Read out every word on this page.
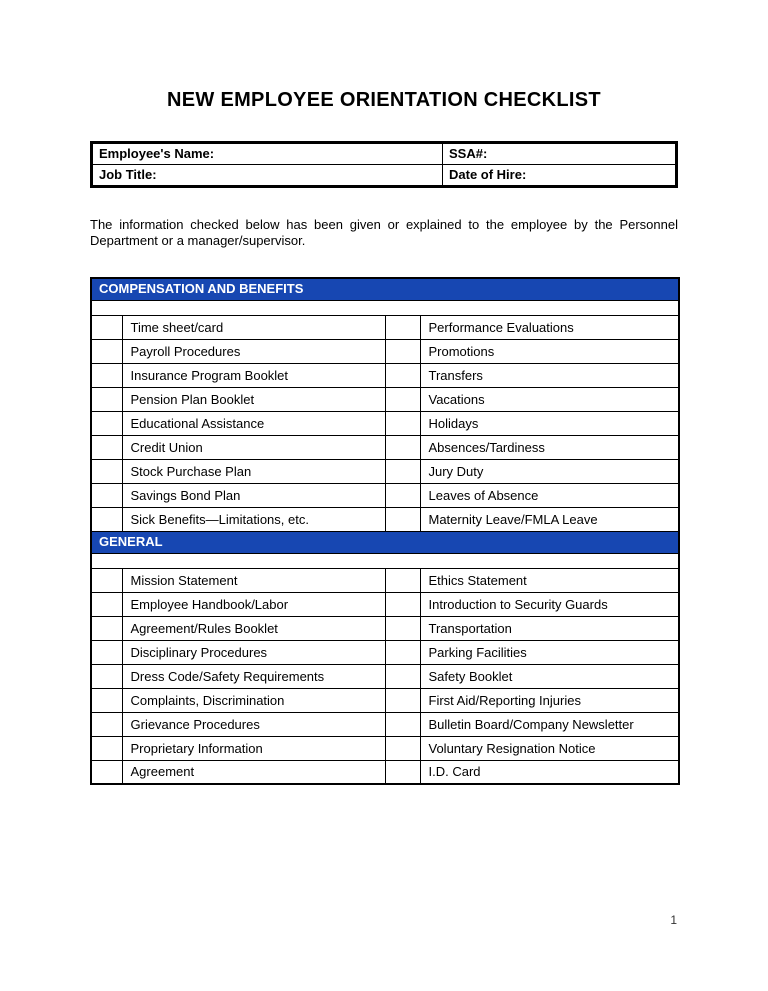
NEW EMPLOYEE ORIENTATION CHECKLIST
Employee's Name:	SSA#:
Job Title:	Date of Hire:

The information checked below has been given or explained to the employee by the Personnel Department or a manager/supervisor.

COMPENSATION AND BENEFITS			

	Time sheet/card		Performance Evaluations
	Payroll Procedures		Promotions
	Insurance Program Booklet		Transfers
	Pension Plan Booklet		Vacations
	Educational Assistance		Holidays
	Credit Union		Absences/Tardiness
	Stock Purchase Plan		Jury Duty
	Savings Bond Plan		Leaves of Absence
	Sick Benefits—Limitations, etc.		Maternity Leave/FMLA Leave
GENERAL			

	Mission Statement		Ethics Statement
	Employee Handbook/Labor		Introduction to Security Guards
	Agreement/Rules Booklet		Transportation
	Disciplinary Procedures		Parking Facilities
	Dress Code/Safety Requirements		Safety Booklet
	Complaints, Discrimination		First Aid/Reporting Injuries
	Grievance Procedures		Bulletin Board/Company Newsletter
	Proprietary Information		Voluntary Resignation Notice
	Agreement		I.D. Card
1
